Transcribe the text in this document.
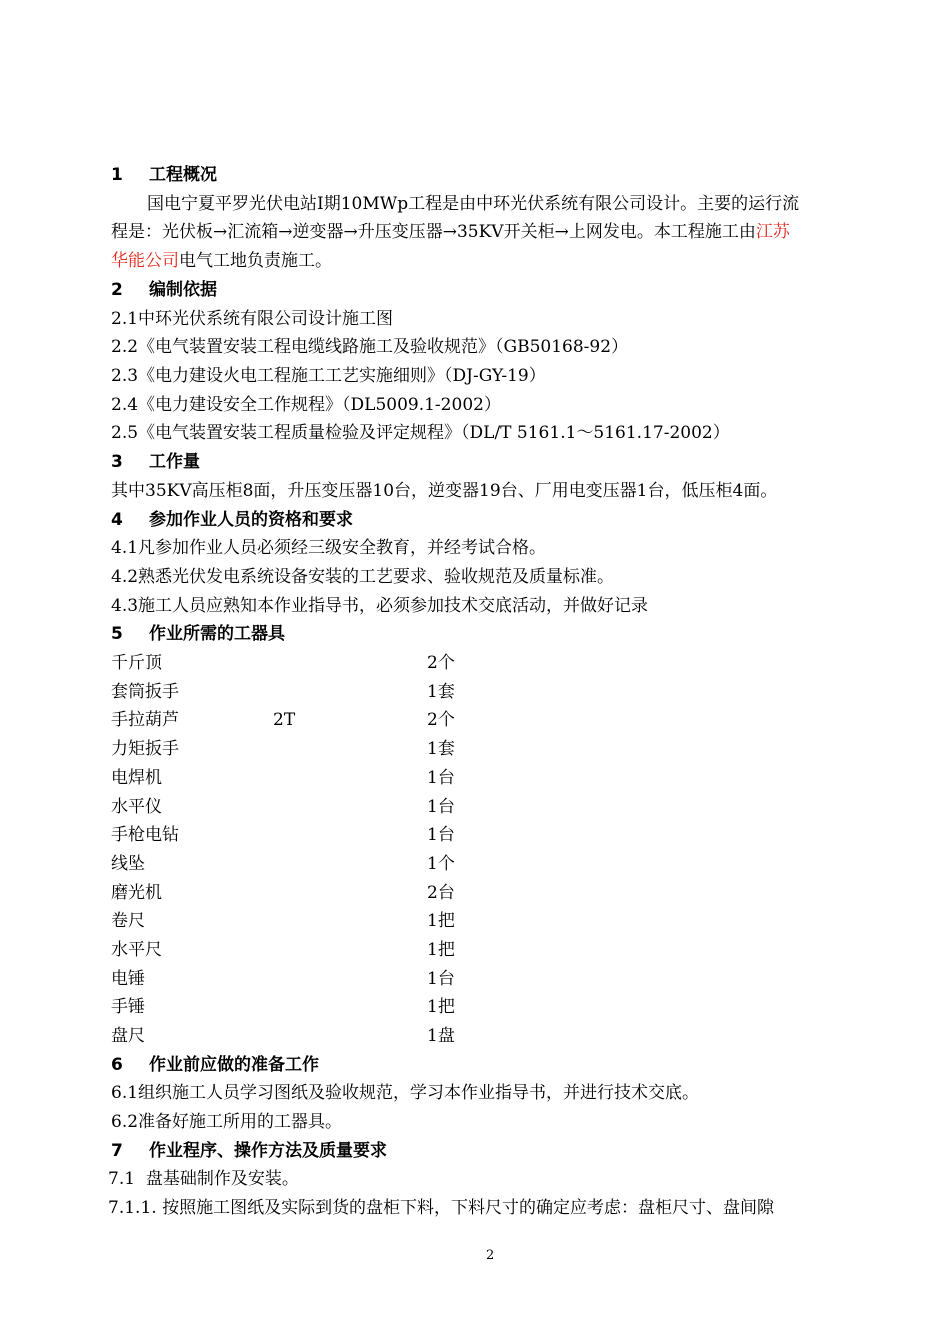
1 工程概况
国电宁夏平罗光伏电站Ⅰ期10MWp工程是由中环光伏系统有限公司设计。主要的运行流
程是：光伏板→汇流箱→逆变器→升压变压器→35KV开关柜→上网发电。本工程施工由江苏
华能公司电气工地负责施工。
2 编制依据
2.1中环光伏系统有限公司设计施工图
2.2《电气装置安装工程电缆线路施工及验收规范》（GB50168-92）
2.3《电力建设火电工程施工工艺实施细则》（DJ-GY-19）
2.4《电力建设安全工作规程》（DL5009.1-2002）
2.5《电气装置安装工程质量检验及评定规程》（DL/T 5161.1～5161.17-2002）
3 工作量
其中35KV高压柜8面，升压变压器10台，逆变器19台、厂用电变压器1台，低压柜4面。
4 参加作业人员的资格和要求
4.1凡参加作业人员必须经三级安全教育，并经考试合格。
4.2熟悉光伏发电系统设备安装的工艺要求、验收规范及质量标准。
4.3施工人员应熟知本作业指导书，必须参加技术交底活动，并做好记录
5 作业所需的工器具
千斤顶	2个
套筒扳手	1套
手拉葫芦	2T	2个
力矩扳手	1套
电焊机	1台
水平仪	1台
手枪电钻	1台
线坠	1个
磨光机	2台
卷尺	1把
水平尺	1把
电锤	1台
手锤	1把
盘尺	1盘
6 作业前应做的准备工作
6.1组织施工人员学习图纸及验收规范，学习本作业指导书，并进行技术交底。
6.2准备好施工所用的工器具。
7 作业程序、操作方法及质量要求
7.1  盘基础制作及安装。
7.1.1. 按照施工图纸及实际到货的盘柜下料，下料尺寸的确定应考虑：盘柜尺寸、盘间隙
2
